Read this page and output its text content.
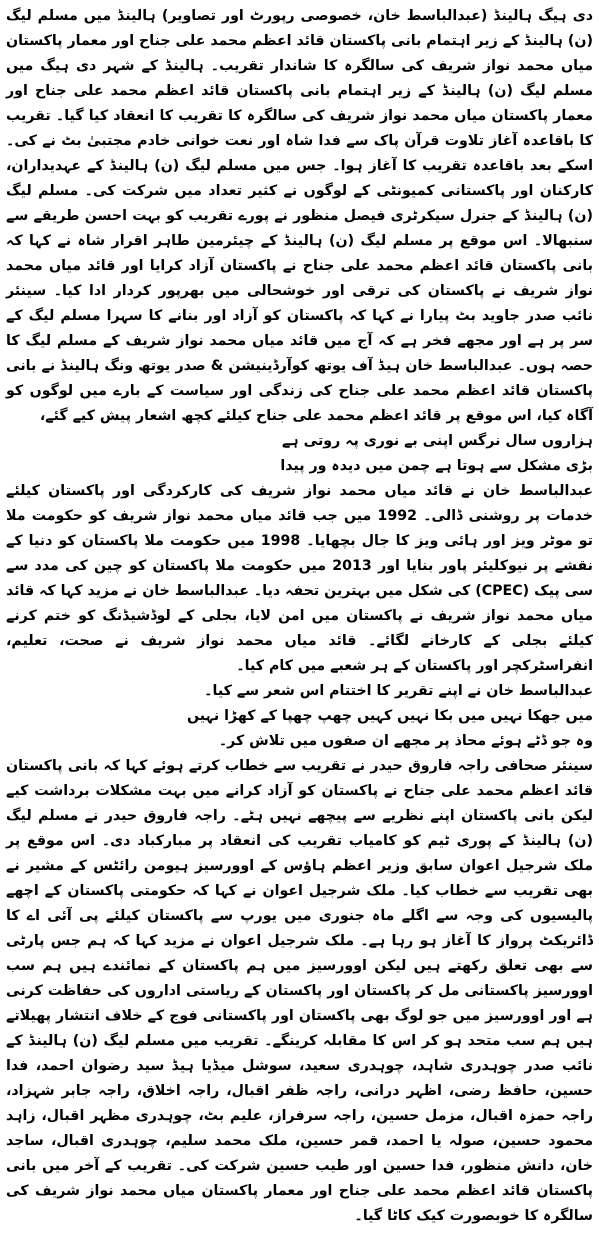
دی ہیگ ہالینڈ (عبدالباسط خان، خصوصی رپورٹ اور تصاویر) ہالینڈ میں مسلم لیگ (ن) ہالینڈ کے زیر اہتمام بانی پاکستان قائد اعظم محمد علی جناح اور معمار پاکستان میاں محمد نواز شریف کی سالگرہ کا شاندار تقریب۔ ہالینڈ کے شہر دی ہیگ میں مسلم لیگ (ن) ہالینڈ کے زیر اہتمام بانی پاکستان قائد اعظم محمد علی جناح اور معمار پاکستان میاں محمد نواز شریف کی سالگرہ کا تقریب کا انعقاد کیا گیا۔ تقریب کا باقاعدہ آغاز تلاوت قرآن پاک سے فدا شاہ اور نعت خوانی خادم مجتبیٰ بٹ نے کی۔ اسکے بعد باقاعدہ تقریب کا آغاز ہوا۔ جس میں مسلم لیگ (ن) ہالینڈ کے عہدیداران، کارکنان اور پاکستانی کمیونٹی کے لوگوں نے کثیر تعداد میں شرکت کی۔ مسلم لیگ (ن) ہالینڈ کے جنرل سیکرٹری فیصل منظور نے پورے تقریب کو بہت احسن طریقے سے سنبھالا۔ اس موقع پر مسلم لیگ (ن) ہالینڈ کے چیئرمین طاہر اقرار شاہ نے کہا کہ بانی پاکستان قائد اعظم محمد علی جناح نے پاکستان آزاد کرایا اور قائد میاں محمد نواز شریف نے پاکستان کی ترقی اور خوشحالی میں بھرپور کردار ادا کیا۔ سینئر نائب صدر جاوید بٹ پیارا نے کہا کہ پاکستان کو آزاد اور بنانے کا سہرا مسلم لیگ کے سر پر ہے اور مجھے فخر ہے کہ آج میں قائد میاں محمد نواز شریف کے مسلم لیگ کا حصہ ہوں۔ عبدالباسط خان ہیڈ آف یوتھ کوآرڈینیشن & صدر یوتھ ونگ ہالینڈ نے بانی پاکستان قائد اعظم محمد علی جناح کی زندگی اور سیاست کے بارے میں لوگوں کو آگاہ کیا، اس موقع پر قائد اعظم محمد علی جناح کیلئے کچھ اشعار پیش کیے گئے،

ہزاروں سال نرگس اپنی بے نوری پہ روتی ہے

بڑی مشکل سے ہوتا ہے چمن میں دیدہ ور پیدا

عبدالباسط خان نے قائد میاں محمد نواز شریف کی کارکردگی اور پاکستان کیلئے خدمات پر روشنی ڈالی۔ 1992 میں جب قائد میاں محمد نواز شریف کو حکومت ملا تو موٹر ویز اور ہائی ویز کا جال بچھایا۔ 1998 میں حکومت ملا پاکستان کو دنیا کے نقشے پر نیوکلیئر پاور بنایا اور 2013 میں حکومت ملا پاکستان کو چین کی مدد سے سی پیک (CPEC) کی شکل میں بہترین تحفہ دیا۔ عبدالباسط خان نے مزید کہا کہ قائد میاں محمد نواز شریف نے پاکستان میں امن لایا، بجلی کے لوڈشیڈنگ کو ختم کرنے کیلئے بجلی کے کارخانے لگائے۔ قائد میاں محمد نواز شریف نے صحت، تعلیم، انفراسٹرکچر اور پاکستان کے ہر شعبے میں کام کیا۔

عبدالباسط خان نے اپنے تقریر کا اختتام اس شعر سے کیا۔

میں جھکا نہیں میں بکا نہیں کہیں چھپ چھپا کے کھڑا نہیں

وہ جو ڈٹے ہوئے محاذ پر مجھے ان صفوں میں تلاش کر۔

سینئر صحافی راجہ فاروق حیدر نے تقریب سے خطاب کرتے ہوئے کہا کہ بانی پاکستان قائد اعظم محمد علی جناح نے پاکستان کو آزاد کرانے میں بہت مشکلات برداشت کیے لیکن بانی پاکستان اپنے نظریے سے پیچھے نہیں ہٹے۔ راجہ فاروق حیدر نے مسلم لیگ (ن) ہالینڈ کے پوری ٹیم کو کامیاب تقریب کی انعقاد پر مبارکباد دی۔ اس موقع پر ملک شرجیل اعوان سابق وزیر اعظم ہاؤس کے اوورسیز ہیومن رائٹس کے مشیر نے بھی تقریب سے خطاب کیا۔ ملک شرجیل اعوان نے کہا کہ حکومتی پاکستان کے اچھے پالیسیوں کی وجہ سے اگلے ماہ جنوری میں یورپ سے پاکستان کیلئے پی آئی اے کا ڈائریکٹ پرواز کا آغاز ہو رہا ہے۔ ملک شرجیل اعوان نے مزید کہا کہ ہم جس پارٹی سے بھی تعلق رکھتے ہیں لیکن اوورسیز میں ہم پاکستان کے نمائندے ہیں ہم سب اوورسیز پاکستانی مل کر پاکستان اور پاکستان کے ریاستی اداروں کی حفاظت کرنی ہے اور اوورسیز میں جو لوگ بھی پاکستان اور پاکستانی فوج کے خلاف انتشار پھیلاتے ہیں ہم سب متحد ہو کر اس کا مقابلہ کرینگے۔ تقریب میں مسلم لیگ (ن) ہالینڈ کے نائب صدر چوہدری شاہد، چوہدری سعید، سوشل میڈیا ہیڈ سید رضوان احمد، فدا حسین، حافظ رضی، اظہر درانی، راجہ ظفر اقبال، راجہ اخلاق، راجہ جابر شہزاد، راجہ حمزہ اقبال، مزمل حسین، راجہ سرفراز، علیم بٹ، چوہدری مظہر اقبال، زاہد محمود حسین، صولہ یا احمد، قمر حسین، ملک محمد سلیم، چوہدری اقبال، ساجد خان، دانش منظور، فدا حسین اور طیب حسین شرکت کی۔ تقریب کے آخر میں بانی پاکستان قائد اعظم محمد علی جناح اور معمار پاکستان میاں محمد نواز شریف کی سالگرہ کا خوبصورت کیک کاٹا گیا۔
